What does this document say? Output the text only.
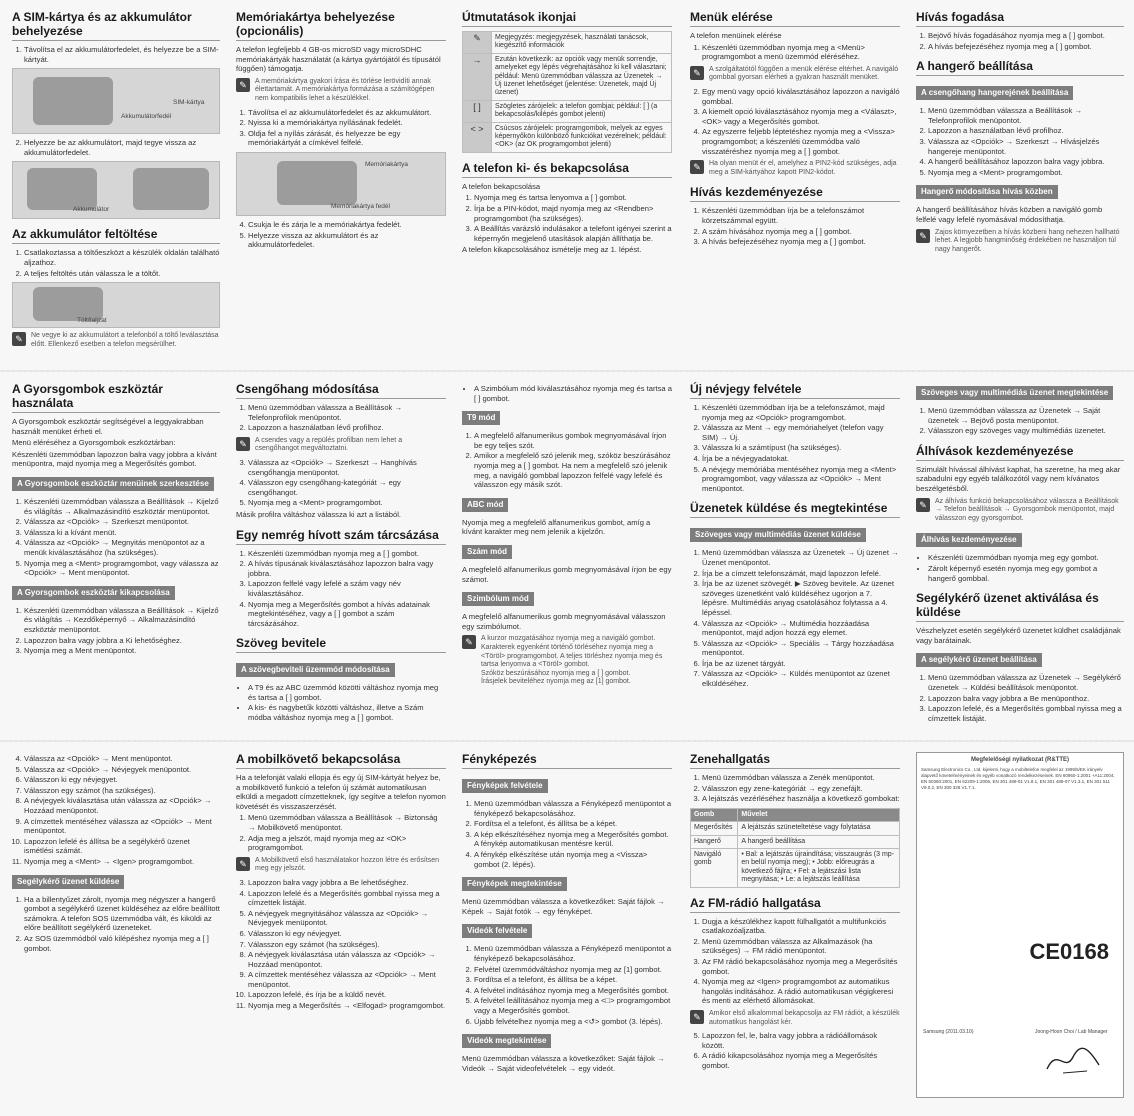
A SIM-kártya és az akkumulátor behelyezése
1. Távolítsa el az akkumulátorfedelet, és helyezze be a SIM-kártyát.
Akkumulátorfedél
SIM-kártya
2. Helyezze be az akkumulátort, majd tegye vissza az akkumulátorfedelet.
Akkumulátor
Az akkumulátor feltöltése
1. Csatlakoztassa a töltőeszközt a készülék oldalán található aljzathoz.
2. A teljes feltöltés után válassza le a töltőt.
Töltőaljzat
✎	Ne vegye ki az akkumulátort a telefonból a töltő leválasztása előtt. Ellenkező esetben a telefon megsérülhet.
Memóriakártya behelyezése (opcionális)

A telefon legfeljebb 4 GB-os microSD vagy microSDHC memóriakártyák használatát (a kártya gyártójától és típusától függően) támogatja.

✎	A memóriakártya gyakori írása és törlése lerövidíti annak élettartamát. A memóriakártya formázása a számítógépen nem kompatibilis lehet a készülékkel.
1. Távolítsa el az akkumulátorfedelet és az akkumulátort.
2. Nyissa ki a memóriakártya nyílásának fedelét.
3. Oldja fel a nyílás zárását, és helyezze be egy memóriakártyát a címkével felfelé.
Memóriakártya
Memóriakártya fedél
4. Csukja le és zárja le a memóriakártya fedelét.
5. Helyezze vissza az akkumulátort és az akkumulátorfedelet.
Útmutatások ikonjai
✎	Megjegyzés: megjegyzések, használati tanácsok, kiegészítő információk
→	Ezután következik: az opciók vagy menük sorrendje, amelyeket egy lépés végrehajtásához ki kell választani; például: Menü üzemmódban válassza az Üzenetek → Új üzenet lehetőséget (jelentése: Üzenetek, majd Új üzenet)
[ ]	Szögletes zárójelek: a telefon gombjai; például: [ ] (a bekapcsolás/kilépés gombot jelenti)
< >	Csúcsos zárójelek: programgombok, melyek az egyes képernyőkön különböző funkciókat vezérelnek; például: <OK> (az OK programgombot jelenti)
A telefon ki- és bekapcsolása

A telefon bekapcsolása

1. Nyomja meg és tartsa lenyomva a [ ] gombot.
2. Írja be a PIN-kódot, majd nyomja meg az <Rendben> programgombot (ha szükséges).
3. A Beállítás varázsló indulásakor a telefont igényei szerint a képernyőn megjelenő utasítások alapján állíthatja be.

A telefon kikapcsolásához ismételje meg az 1. lépést.

Menük elérése

A telefon menüinek elérése

1. Készenléti üzemmódban nyomja meg a <Menü> programgombot a menü üzemmód eléréséhez.
✎	A szolgáltatótól függően a menük elérése eltérhet. A navigáló gombbal gyorsan elérheti a gyakran használt menüket.
2. Egy menü vagy opció kiválasztásához lapozzon a navigáló gombbal.
3. A kiemelt opció kiválasztásához nyomja meg a <Választ>, <OK> vagy a Megerősítés gombot.
4. Az egyszerre feljebb léptetéshez nyomja meg a <Vissza> programgombot; a készenléti üzemmódba való visszatéréshez nyomja meg a [ ] gombot.
✎	Ha olyan menüt ér el, amelyhez a PIN2-kód szükséges, adja meg a SIM-kártyához kapott PIN2-kódot.
Hívás kezdeményezése
1. Készenléti üzemmódban írja be a telefonszámot körzetszámmal együtt.
2. A szám hívásához nyomja meg a [ ] gombot.
3. A hívás befejezéséhez nyomja meg a [ ] gombot.
Hívás fogadása
1. Bejövő hívás fogadásához nyomja meg a [ ] gombot.
2. A hívás befejezéséhez nyomja meg a [ ] gombot.
A hangerő beállítása
A csengőhang hangerejének beállítása
1. Menü üzemmódban válassza a Beállítások → Telefonprofilok menüpontot.
2. Lapozzon a használatban lévő profilhoz.
3. Válassza az <Opciók> → Szerkeszt → Hívásjelzés hangereje menüpontot.
4. A hangerő beállításához lapozzon balra vagy jobbra.
5. Nyomja meg a <Ment> programgombot.
Hangerő módosítása hívás közben

A hangerő beállításához hívás közben a navigáló gomb felfelé vagy lefelé nyomásával módosíthatja.

✎	Zajos környezetben a hívás közbeni hang nehezen hallható lehet. A legjobb hangminőség érdekében ne használjon túl nagy hangerőt.
A Gyorsgombok eszköztár használata

A Gyorsgombok eszköztár segítségével a leggyakrabban használt menüket érheti el.

Menü eléréséhez a Gyorsgombok eszköztárban:

Készenléti üzemmódban lapozzon balra vagy jobbra a kívánt menüpontra, majd nyomja meg a Megerősítés gombot.

A Gyorsgombok eszköztár menüinek szerkesztése
1. Készenléti üzemmódban válassza a Beállítások → Kijelző és világítás → Alkalmazásindító eszköztár menüpontot.
2. Válassza az <Opciók> → Szerkeszt menüpontot.
3. Válassza ki a kívánt menüt.
4. Válassza az <Opciók> → Megnyitás menüpontot az a menük kiválasztásához (ha szükséges).
5. Nyomja meg a <Ment> programgombot, vagy válassza az <Opciók> → Ment menüpontot.
A Gyorsgombok eszköztár kikapcsolása
1. Készenléti üzemmódban válassza a Beállítások → Kijelző és világítás → Kezdőképernyő → Alkalmazásindító eszköztár menüpontot.
2. Lapozzon balra vagy jobbra a Ki lehetőséghez.
3. Nyomja meg a Ment menüpontot.
Csengőhang módosítása
1. Menü üzemmódban válassza a Beállítások → Telefonprofilok menüpontot.
2. Lapozzon a használatban lévő profilhoz.
✎	A csendes vagy a repülés profilban nem lehet a csengőhangot megváltoztatni.
3. Válassza az <Opciók> → Szerkeszt → Hanghívás csengőhangja menüpontot.
4. Válasszon egy csengőhang-kategóriát → egy csengőhangot.
5. Nyomja meg a <Ment> programgombot.

Másik profilra váltáshoz válassza ki azt a listából.

Egy nemrég hívott szám tárcsázása
1. Készenléti üzemmódban nyomja meg a [ ] gombot.
2. A hívás típusának kiválasztásához lapozzon balra vagy jobbra.
3. Lapozzon felfelé vagy lefelé a szám vagy név kiválasztásához.
4. Nyomja meg a Megerősítés gombot a hívás adatainak megtekintéséhez, vagy a [ ] gombot a szám tárcsázásához.
Szöveg bevitele
A szövegbeviteli üzemmód módosítása
• A T9 és az ABC üzemmód közötti váltáshoz nyomja meg és tartsa a [ ] gombot.
• A kis- és nagybetűk közötti váltáshoz, illetve a Szám módba váltáshoz nyomja meg a [ ] gombot.
• A Szimbólum mód kiválasztásához nyomja meg és tartsa a [ ] gombot.
T9 mód
1. A megfelelő alfanumerikus gombok megnyomásával írjon be egy teljes szót.
2. Amikor a megfelelő szó jelenik meg, szóköz beszúrásához nyomja meg a [ ] gombot. Ha nem a megfelelő szó jelenik meg, a navigáló gombbal lapozzon felfelé vagy lefelé és válasszon egy másik szót.
ABC mód

Nyomja meg a megfelelő alfanumerikus gombot, amíg a kívánt karakter meg nem jelenik a kijelzőn.

Szám mód

A megfelelő alfanumerikus gomb megnyomásával írjon be egy számot.

Szimbólum mód

A megfelelő alfanumerikus gomb megnyomásával válasszon egy szimbólumot.

✎	A kurzor mozgatásához nyomja meg a navigáló gombot.
Karakterek egyenként történő törléséhez nyomja meg a <Töröl> programgombot. A teljes törléshez nyomja meg és tartsa lenyomva a <Töröl> gombot.
Szóköz beszúrásához nyomja meg a [ ] gombot.
Írásjelek beviteléhez nyomja meg az [1] gombot.
Új névjegy felvétele
1. Készenléti üzemmódban írja be a telefonszámot, majd nyomja meg az <Opciók> programgombot.
2. Válassza az Ment → egy memóriahelyet (telefon vagy SIM) → Új.
3. Válassza ki a számtípust (ha szükséges).
4. Írja be a névjegyadatokat.
5. A névjegy memóriába mentéséhez nyomja meg a <Ment> programgombot, vagy válassza az <Opciók> → Ment menüpontot.
Üzenetek küldése és megtekintése
Szöveges vagy multimédiás üzenet küldése
1. Menü üzemmódban válassza az Üzenetek → Új üzenet → Üzenet menüpontot.
2. Írja be a címzett telefonszámát, majd lapozzon lefelé.
3. Írja be az üzenet szövegét. ▶ Szöveg bevitele. Az üzenet szöveges üzenetként való küldéséhez ugorjon a 7. lépésre. Multimédiás anyag csatolásához folytassa a 4. lépéssel.
4. Válassza az <Opciók> → Multimédia hozzáadása menüpontot, majd adjon hozzá egy elemet.
5. Válassza az <Opciók> → Speciális → Tárgy hozzáadása menüpontot.
6. Írja be az üzenet tárgyát.
7. Válassza az <Opciók> → Küldés menüpontot az üzenet elküldéséhez.
Szöveges vagy multimédiás üzenet megtekintése
1. Menü üzemmódban válassza az Üzenetek → Saját üzenetek → Bejövő posta menüpontot.
2. Válasszon egy szöveges vagy multimédiás üzenetet.
Álhívások kezdeményezése

Szimulált hívással álhívást kaphat, ha szeretne, ha meg akar szabadulni egy egyéb találkozótól vagy nem kívánatos beszélgetésből.

✎	Az álhívás funkció bekapcsolásához válassza a Beállítások → Telefon beállítások → Gyorsgombok menüpontot, majd válasszon egy gyorsgombot.
Álhívás kezdeményezése
• Készenléti üzemmódban nyomja meg egy gombot.
• Zárolt képernyő esetén nyomja meg egy gombot a hangerő gombbal.
Segélykérő üzenet aktiválása és küldése

Vészhelyzet esetén segélykérő üzenetet küldhet családjának vagy barátainak.

A segélykérő üzenet beállítása
1. Menü üzemmódban válassza az Üzenetek → Segélykérő üzenetek → Küldési beállítások menüpontot.
2. Lapozzon balra vagy jobbra a Be menüponthoz.
3. Lapozzon lefelé, és a Megerősítés gombbal nyissa meg a címzettek listáját.
4. Válassza az <Opciók> → Ment menüpontot.
5. Válassza az <Opciók> → Névjegyek menüpontot.
6. Válasszon ki egy névjegyet.
7. Válasszon egy számot (ha szükséges).
8. A névjegyek kiválasztása után válassza az <Opciók> → Hozzáad menüpontot.
9. A címzettek mentéséhez válassza az <Opciók> → Ment menüpontot.
10. Lapozzon lefelé és állítsa be a segélykérő üzenet ismétlési számát.
11. Nyomja meg a <Ment> → <Igen> programgombot.
Segélykérő üzenet küldése
1. Ha a billentyűzet zárolt, nyomja meg négyszer a hangerő gombot a segélykérő üzenet küldéséhez az előre beállított számokra. A telefon SOS üzemmódba vált, és kiküldi az előre beállított segélykérő üzeneteket.
2. Az SOS üzemmódból való kilépéshez nyomja meg a [ ] gombot.
A mobilkövető bekapcsolása

Ha a telefonját valaki ellopja és egy új SIM-kártyát helyez be, a mobilkövető funkció a telefon új számát automatikusan elküldi a megadott címzetteknek, így segítve a telefon nyomon követését és visszaszerzését.

1. Menü üzemmódban válassza a Beállítások → Biztonság → Mobilkövető menüpontot.
2. Adja meg a jelszót, majd nyomja meg az <OK> programgombot.
✎	A Mobilkövető első használatakor hozzon létre és erősítsen meg egy jelszót.
3. Lapozzon balra vagy jobbra a Be lehetőséghez.
4. Lapozzon lefelé és a Megerősítés gombbal nyissa meg a címzettek listáját.
5. A névjegyek megnyitásához válassza az <Opciók> → Névjegyek menüpontot.
6. Válasszon ki egy névjegyet.
7. Válasszon egy számot (ha szükséges).
8. A névjegyek kiválasztása után válassza az <Opciók> → Hozzáad menüpontot.
9. A címzettek mentéséhez válassza az <Opciók> → Ment menüpontot.
10. Lapozzon lefelé, és írja be a küldő nevét.
11. Nyomja meg a Megerősítés → <Elfogad> programgombot.
Fényképezés
Fényképek felvétele
1. Menü üzemmódban válassza a Fényképező menüpontot a fényképező bekapcsolásához.
2. Fordítsa el a telefont, és állítsa be a képet.
3. A kép elkészítéséhez nyomja meg a Megerősítés gombot. A fénykép automatikusan mentésre kerül.
4. A fénykép elkészítése után nyomja meg a <Vissza> gombot (2. lépés).
Fényképek megtekintése

Menü üzemmódban válassza a következőket: Saját fájlok → Képek → Saját fotók → egy fényképet.

Videók felvétele
1. Menü üzemmódban válassza a Fényképező menüpontot a fényképező bekapcsolásához.
2. Felvétel üzemmódváltáshoz nyomja meg az [1] gombot.
3. Fordítsa el a telefont, és állítsa be a képet.
4. A felvétel indításához nyomja meg a Megerősítés gombot.
5. A felvétel leállításához nyomja meg a <□> programgombot vagy a Megerősítés gombot.
6. Újabb felvételhez nyomja meg a <↺> gombot (3. lépés).
Videók megtekintése

Menü üzemmódban válassza a következőket: Saját fájlok → Videók → Saját videofelvételek → egy videót.

Zenehallgatás
1. Menü üzemmódban válassza a Zenék menüpontot.
2. Válasszon egy zene-kategóriát → egy zenefájlt.
3. A lejátszás vezérléséhez használja a következő gombokat:
Gomb	Művelet
Megerősítés	A lejátszás szüneteltetése vagy folytatása
Hangerő	A hangerő beállítása
Navigáló gomb	• Bal: a lejátszás újraindítása; visszaugrás (3 mp-en belül nyomja meg); • Jobb: előreugrás a következő fájlra; • Fel: a lejátszási lista megnyitása; • Le: a lejátszás leállítása
Az FM-rádió hallgatása
1. Dugja a készülékhez kapott fülhallgatót a multifunkciós csatlakozóaljzatba.
2. Menü üzemmódban válassza az Alkalmazások (ha szükséges) → FM rádió menüpontot.
3. Az FM rádió bekapcsolásához nyomja meg a Megerősítés gombot.
4. Nyomja meg az <Igen> programgombot az automatikus hangolás indításához. A rádió automatikusan végigkeresi és menti az elérhető állomásokat.
✎	Amikor első alkalommal bekapcsolja az FM rádiót, a készülék automatikus hangolást kér.
5. Lapozzon fel, le, balra vagy jobbra a rádióállomások között.
6. A rádió kikapcsolásához nyomja meg a Megerősítés gombot.
Megfelelőségi nyilatkozat (R&TTE)
Samsung Electronics Co., Ltd. kijelenti, hogy a mobiltelefon megfelel az 1999/5/EK irányelv alapvető követelményeinek és egyéb vonatkozó rendelkezéseinek. EN 60950-1:2001 +A11:2004, EN 50360:2001, EN 62209-1:2006, EN 301 489-01 V1.8.1, EN 301 489-07 V1.3.1, EN 301 511 V9.0.2, EN 300 328 V1.7.1.
CE0168
Samsung (2011.03.10)	Joong-Hoon Choi / Lab Manager
